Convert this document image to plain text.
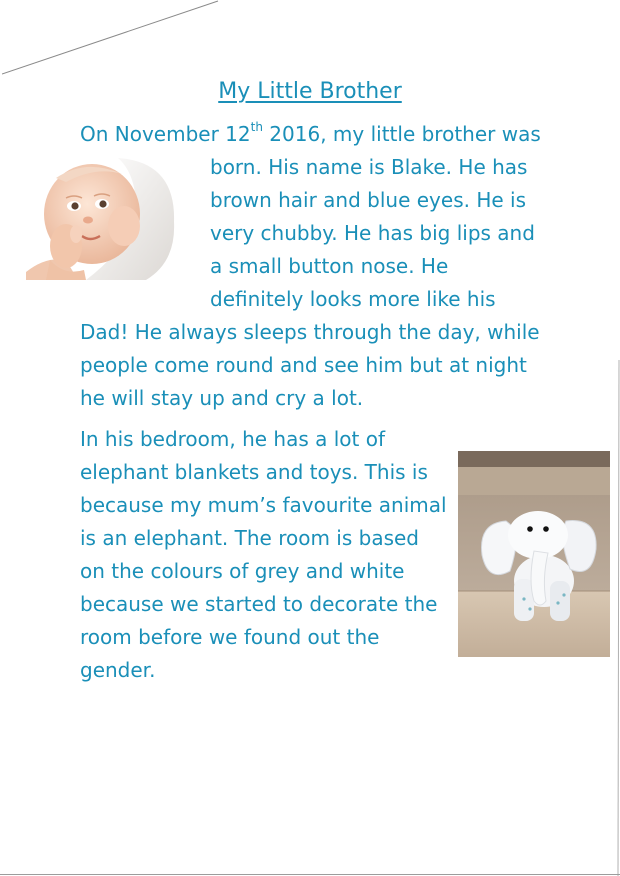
My Little Brother
On November 12th 2016, my little brother was
born. His name is Blake. He has
brown hair and blue eyes. He is
very chubby. He has big lips and
a small button nose. He
definitely looks more like his
Dad! He always sleeps through the day, while
people come round and see him but at night
he will stay up and cry a lot.
In his bedroom, he has a lot of
elephant blankets and toys. This is
because my mum’s favourite animal
is an elephant. The room is based
on the colours of grey and white
because we started to decorate the
room before we found out the
gender.
